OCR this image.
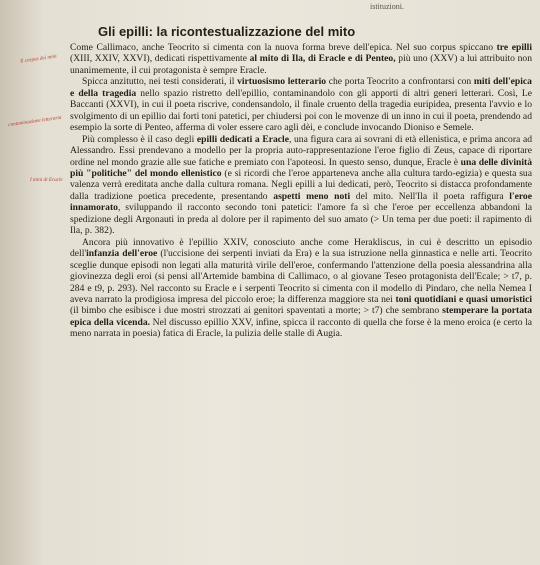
istituzioni.
Gli epilli: la ricontestualizzazione del mito
Il corpus dei mini
contaminazione letteraria
I mini di Eracle

Come Callimaco, anche Teocrito si cimenta con la nuova forma breve dell'epica. Nel suo corpus spiccano tre epilli (XIII, XXIV, XXVI), dedicati rispettivamente al mito di Ila, di Eracle e di Penteo, più uno (XXV) a lui attribuito non unanimemente, il cui protagonista è sempre Eracle.

Spicca anzitutto, nei testi considerati, il virtuosismo letterario che porta Teocrito a confrontarsi con miti dell'epica e della tragedia nello spazio ristretto dell'epillio, contaminandolo con gli apporti di altri generi letterari. Così, Le Baccanti (XXVI), in cui il poeta riscrive, condensandolo, il finale cruento della tragedia euripidea, presenta l'avvio e lo svolgimento di un epillio dai forti toni patetici, per chiudersi poi con le movenze di un inno in cui il poeta, prendendo ad esempio la sorte di Penteo, afferma di voler essere caro agli dèi, e conclude invocando Dioniso e Semele.

Più complesso è il caso degli epilli dedicati a Eracle, una figura cara ai sovrani di età ellenistica, e prima ancora ad Alessandro. Essi prendevano a modello per la propria auto-rappresentazione l'eroe figlio di Zeus, capace di riportare ordine nel mondo grazie alle sue fatiche e premiato con l'apoteosi. In questo senso, dunque, Eracle è una delle divinità più "politiche" del mondo ellenistico (e si ricordi che l'eroe apparteneva anche alla cultura tardo-egizia) e questa sua valenza verrà ereditata anche dalla cultura romana. Negli epilli a lui dedicati, però, Teocrito si distacca profondamente dalla tradizione poetica precedente, presentando aspetti meno noti del mito. Nell'Ila il poeta raffigura l'eroe innamorato, sviluppando il racconto secondo toni patetici: l'amore fa sì che l'eroe per eccellenza abbandoni la spedizione degli Argonauti in preda al dolore per il rapimento del suo amato (> Un tema per due poeti: il rapimento di Ila, p. 382).

Ancora più innovativo è l'epillio XXIV, conosciuto anche come Herakliscus, in cui è descritto un episodio dell'infanzia dell'eroe (l'uccisione dei serpenti inviati da Era) e la sua istruzione nella ginnastica e nelle arti. Teocrito sceglie dunque episodi non legati alla maturità virile dell'eroe, confermando l'attenzione della poesia alessandrina alla giovinezza degli eroi (si pensi all'Artemide bambina di Callimaco, o al giovane Teseo protagonista dell'Ecale; > t7, p. 284 e t9, p. 293). Nel racconto su Eracle e i serpenti Teocrito si cimenta con il modello di Pindaro, che nella Nemea I aveva narrato la prodigiosa impresa del piccolo eroe; la differenza maggiore sta nei toni quotidiani e quasi umoristici (il bimbo che esibisce i due mostri strozzati ai genitori spaventati a morte; > t7) che sembrano stemperare la portata epica della vicenda. Nel discusso epillio XXV, infine, spicca il racconto di quella che forse è la meno eroica (e certo la meno narrata in poesia) fatica di Eracle, la pulizia delle stalle di Augia.
